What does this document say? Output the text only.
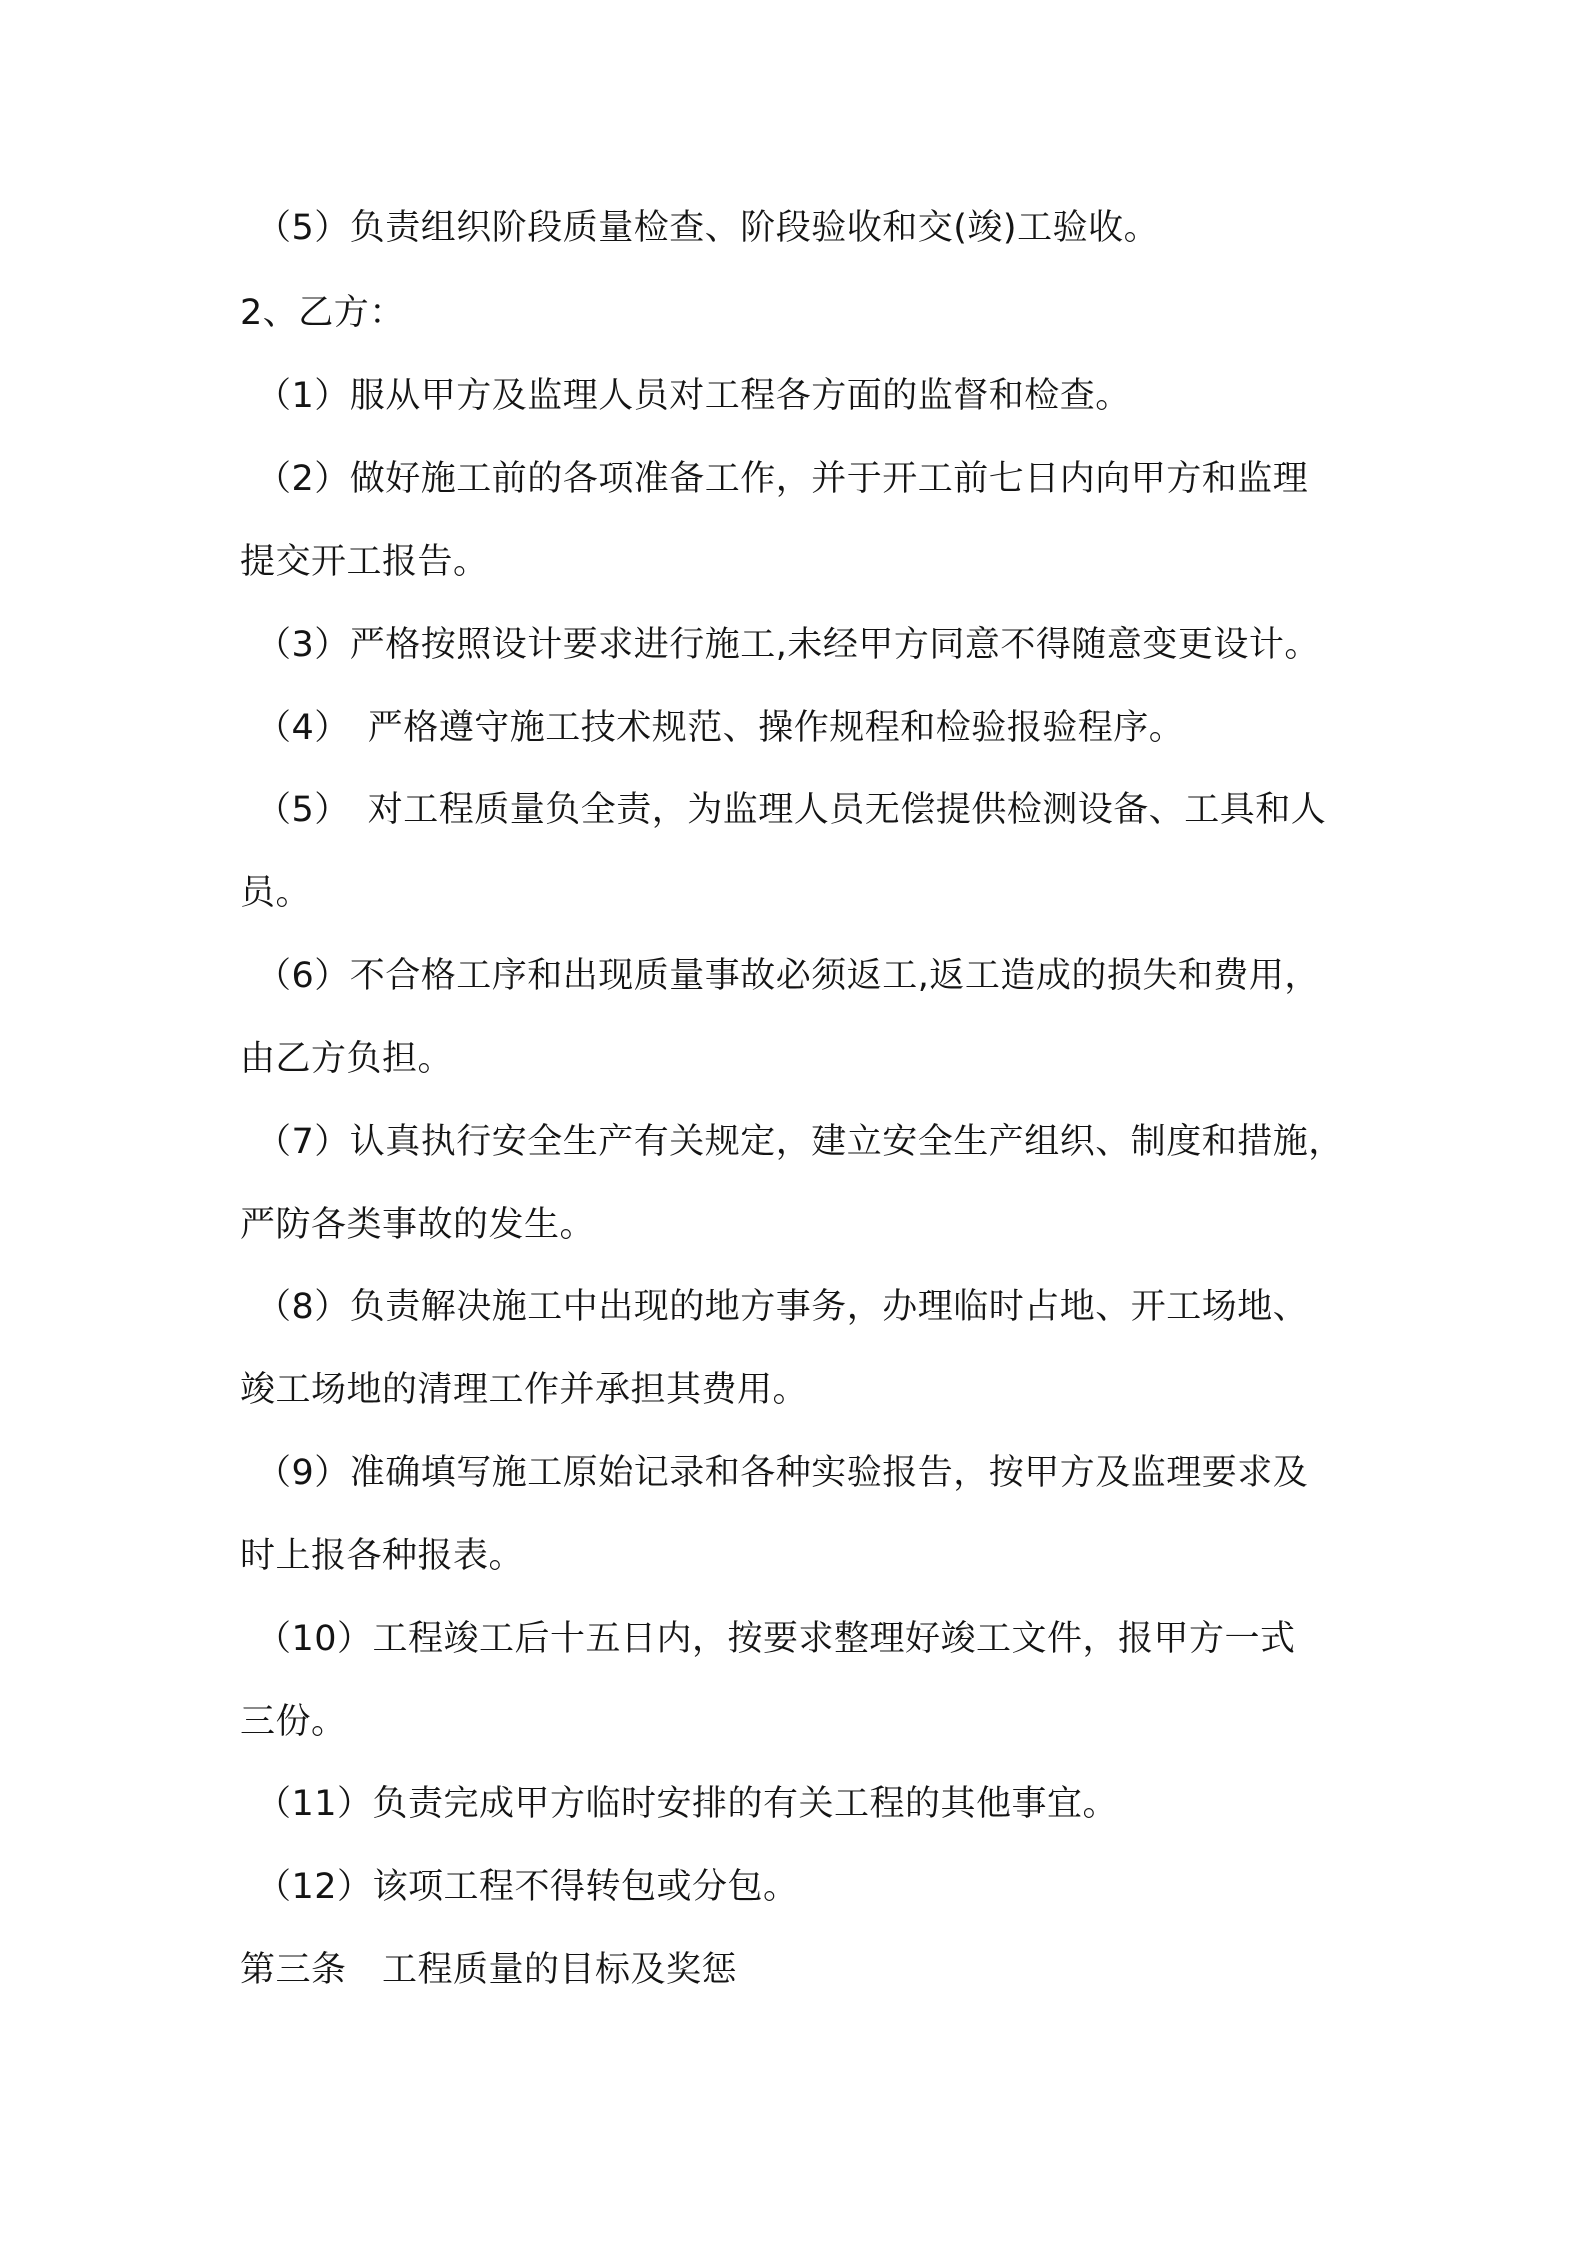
（5）负责组织阶段质量检查、阶段验收和交(竣)工验收。
2、乙方：
（1）服从甲方及监理人员对工程各方面的监督和检查。
（2）做好施工前的各项准备工作，并于开工前七日内向甲方和监理
提交开工报告。
（3）严格按照设计要求进行施工,未经甲方同意不得随意变更设计。
（4）　严格遵守施工技术规范、操作规程和检验报验程序。
（5）　对工程质量负全责，为监理人员无偿提供检测设备、工具和人
员。
（6）不合格工序和出现质量事故必须返工,返工造成的损失和费用，
由乙方负担。
（7）认真执行安全生产有关规定，建立安全生产组织、制度和措施，
严防各类事故的发生。
（8）负责解决施工中出现的地方事务，办理临时占地、开工场地、
竣工场地的清理工作并承担其费用。
（9）准确填写施工原始记录和各种实验报告，按甲方及监理要求及
时上报各种报表。
（10）工程竣工后十五日内，按要求整理好竣工文件，报甲方一式
三份。
（11）负责完成甲方临时安排的有关工程的其他事宜。
（12）该项工程不得转包或分包。
第三条　工程质量的目标及奖惩
